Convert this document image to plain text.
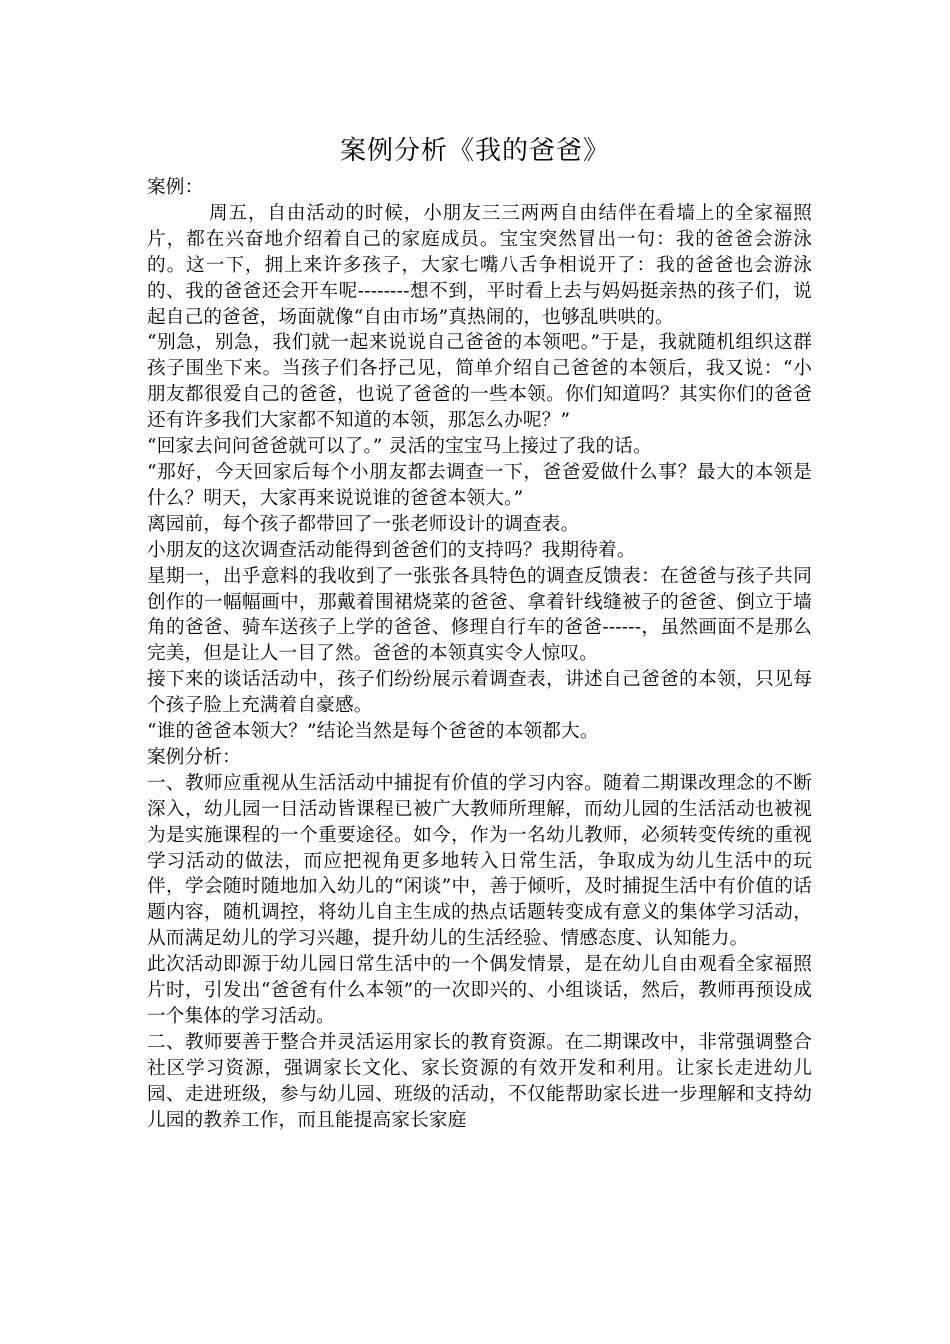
案例分析《我的爸爸》

案例：

周五，自由活动的时候，小朋友三三两两自由结伴在看墙上的全家福照片，都在兴奋地介绍着自己的家庭成员。宝宝突然冒出一句：我的爸爸会游泳的。这一下，拥上来许多孩子，大家七嘴八舌争相说开了：我的爸爸也会游泳的、我的爸爸还会开车呢--------想不到，平时看上去与妈妈挺亲热的孩子们，说起自己的爸爸，场面就像“自由市场”真热闹的，也够乱哄哄的。

“别急，别急，我们就一起来说说自己爸爸的本领吧。”于是，我就随机组织这群孩子围坐下来。当孩子们各抒己见，简单介绍自己爸爸的本领后，我又说：“小朋友都很爱自己的爸爸，也说了爸爸的一些本领。你们知道吗？其实你们的爸爸还有许多我们大家都不知道的本领，那怎么办呢？”

“回家去问问爸爸就可以了。” 灵活的宝宝马上接过了我的话。

“那好，今天回家后每个小朋友都去调查一下，爸爸爱做什么事？最大的本领是什么？明天，大家再来说说谁的爸爸本领大。”

离园前，每个孩子都带回了一张老师设计的调查表。

小朋友的这次调查活动能得到爸爸们的支持吗？我期待着。

星期一，出乎意料的我收到了一张张各具特色的调查反馈表：在爸爸与孩子共同创作的一幅幅画中，那戴着围裙烧菜的爸爸、拿着针线缝被子的爸爸、倒立于墙角的爸爸、骑车送孩子上学的爸爸、修理自行车的爸爸------，虽然画面不是那么完美，但是让人一目了然。爸爸的本领真实令人惊叹。

接下来的谈话活动中，孩子们纷纷展示着调查表，讲述自己爸爸的本领，只见每个孩子脸上充满着自豪感。

“谁的爸爸本领大？”结论当然是每个爸爸的本领都大。

案例分析：

一、教师应重视从生活活动中捕捉有价值的学习内容。随着二期课改理念的不断深入，幼儿园一日活动皆课程已被广大教师所理解，而幼儿园的生活活动也被视为是实施课程的一个重要途径。如今，作为一名幼儿教师，必须转变传统的重视学习活动的做法，而应把视角更多地转入日常生活，争取成为幼儿生活中的玩伴，学会随时随地加入幼儿的“闲谈”中，善于倾听，及时捕捉生活中有价值的话题内容，随机调控，将幼儿自主生成的热点话题转变成有意义的集体学习活动，从而满足幼儿的学习兴趣，提升幼儿的生活经验、情感态度、认知能力。

此次活动即源于幼儿园日常生活中的一个偶发情景，是在幼儿自由观看全家福照片时，引发出“爸爸有什么本领”的一次即兴的、小组谈话，然后，教师再预设成一个集体的学习活动。

二、教师要善于整合并灵活运用家长的教育资源。在二期课改中，非常强调整合社区学习资源，强调家长文化、家长资源的有效开发和利用。让家长走进幼儿园、走进班级，参与幼儿园、班级的活动，不仅能帮助家长进一步理解和支持幼儿园的教养工作，而且能提高家长家庭
